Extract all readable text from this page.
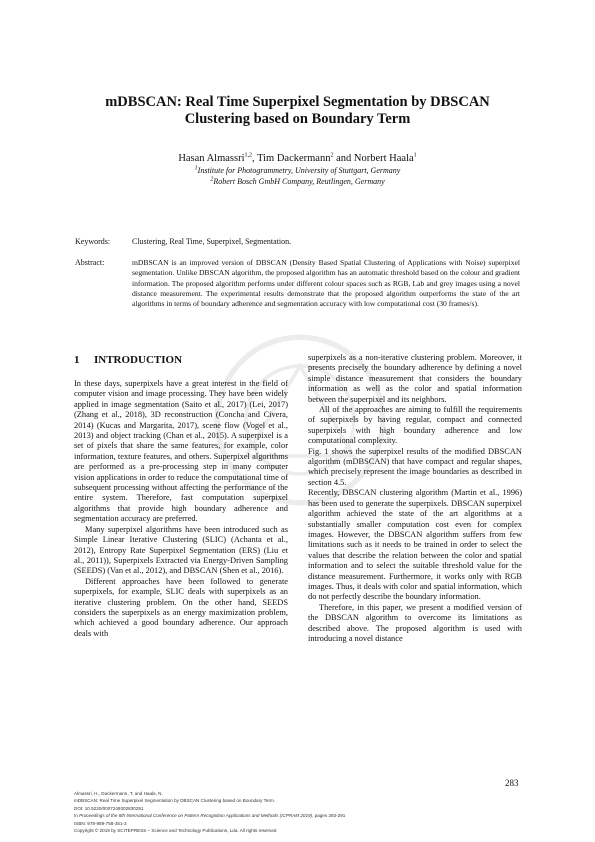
mDBSCAN: Real Time Superpixel Segmentation by DBSCAN
Clustering based on Boundary Term
Hasan Almassri$^{1,2}$, Tim Dackermann$^2$ and Norbert Haala$^1$
$^1$Institute for Photogrammetry, University of Stuttgart, Germany
$^2$Robert Bosch GmbH Company, Reutlingen, Germany
Keywords:	Clustering, Real Time, Superpixel, Segmentation.
Abstract:	mDBSCAN is an improved version of DBSCAN (Density Based Spatial Clustering of Applications with Noise) superpixel segmentation. Unlike DBSCAN algorithm, the proposed algorithm has an automatic threshold based on the colour and gradient information. The proposed algorithm performs under different colour spaces such as RGB, Lab and grey images using a novel distance measurement. The experimental results demonstrate that the proposed algorithm outperforms the state of the art algorithms in terms of boundary adherence and segmentation accuracy with low computational cost (30 frames/s).
1 INTRODUCTION

In these days, superpixels have a great interest in the field of computer vision and image processing. They have been widely applied in image segmentation (Saito et al., 2017) (Lei, 2017) (Zhang et al., 2018), 3D reconstruction (Concha and Civera, 2014) (Kucas and Margarita, 2017), scene flow (Vogel et al., 2013) and object tracking (Chan et al., 2015). A superpixel is a set of pixels that share the same features, for example, color information, texture features, and others. Superpixel algorithms are performed as a pre-processing step in many computer vision applications in order to reduce the computational time of subsequent processing without affecting the performance of the entire system. Therefore, fast computation superpixel algorithms that provide high boundary adherence and segmentation accuracy are preferred.

Many superpixel algorithms have been introduced such as Simple Linear Iterative Clustering (SLIC) (Achanta et al., 2012), Entropy Rate Superpixel Segmentation (ERS) (Liu et al., 2011)), Superpixels Extracted via Energy-Driven Sampling (SEEDS) (Van et al., 2012), and DBSCAN (Shen et al., 2016).

Different approaches have been followed to generate superpixels, for example, SLIC deals with superpixels as an iterative clustering problem. On the other hand, SEEDS considers the superpixels as an energy maximization problem, which achieved a good boundary adherence. Our approach deals with

superpixels as a non-iterative clustering problem. Moreover, it presents precisely the boundary adherence by defining a novel simple distance measurement that considers the boundary information as well as the color and spatial information between the superpixel and its neighbors.

All of the approaches are aiming to fulfill the requirements of superpixels by having regular, compact and connected superpixels with high boundary adherence and low computational complexity.

Fig. 1 shows the superpixel results of the modified DBSCAN algorithm (mDBSCAN) that have compact and regular shapes, which precisely represent the image boundaries as described in section 4.5.

Recently, DBSCAN clustering algorithm (Martin et al., 1996) has been used to generate the superpixels. DBSCAN superpixel algorithm achieved the state of the art algorithms at a substantially smaller computation cost even for complex images. However, the DBSCAN algorithm suffers from few limitations such as it needs to be trained in order to select the values that describe the relation between the color and spatial information and to select the suitable threshold value for the distance measurement. Furthermore, it works only with RGB images. Thus, it deals with color and spatial information, which do not perfectly describe the boundary information.

Therefore, in this paper, we present a modified version of the DBSCAN algorithm to overcome its limitations as described above. The proposed algorithm is used with introducing a novel distance

283
Almassri, H., Dackermann, T. and Haala, N.
mDBSCAN: Real Time Superpixel Segmentation by DBSCAN Clustering based on Boundary Term.
DOI: 10.5220/0007249302830291
In Proceedings of the 8th International Conference on Pattern Recognition Applications and Methods (ICPRAM 2019), pages 283-291
ISBN: 978-989-758-351-3
Copyright © 2019 by SCITEPRESS – Science and Technology Publications, Lda. All rights reserved
